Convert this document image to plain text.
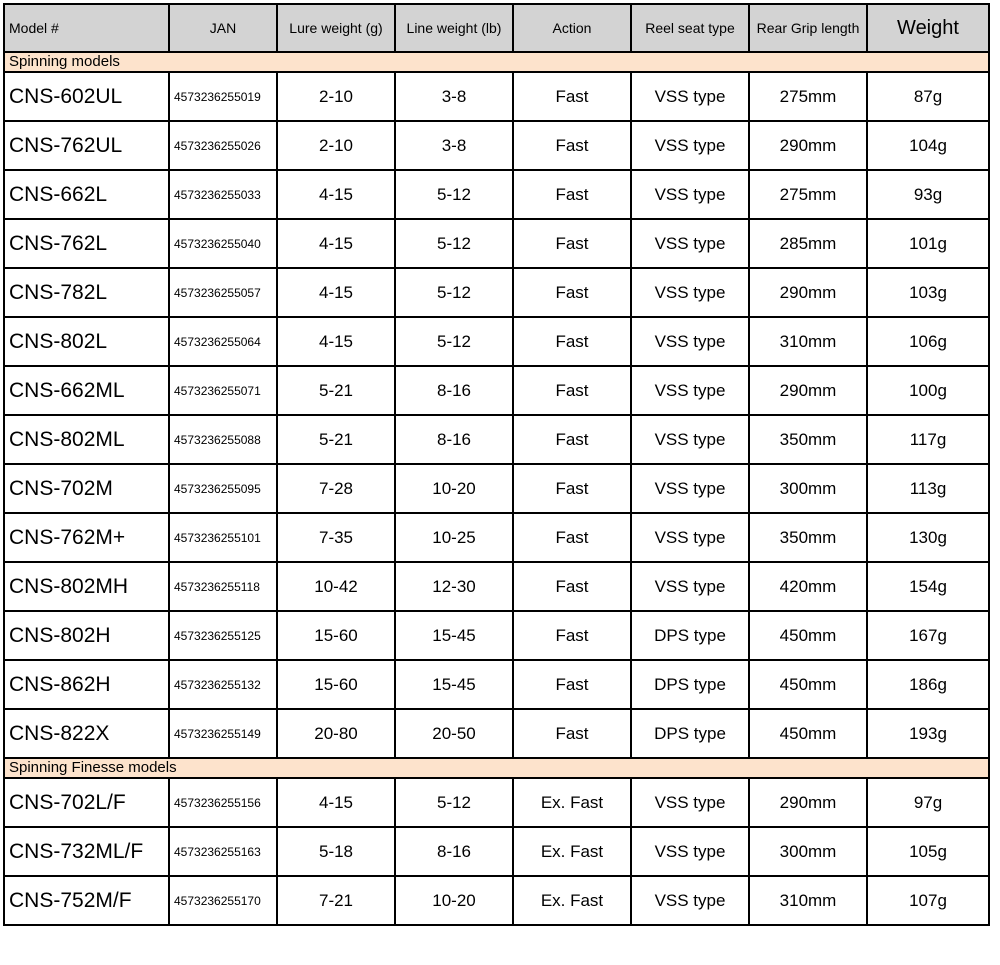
Model #	JAN	Lure weight (g)	Line weight (lb)	Action	Reel seat type	Rear Grip length	Weight
Spinning models							
CNS-602UL	4573236255019	2-10	3-8	Fast	VSS type	275mm	87g
CNS-762UL	4573236255026	2-10	3-8	Fast	VSS type	290mm	104g
CNS-662L	4573236255033	4-15	5-12	Fast	VSS type	275mm	93g
CNS-762L	4573236255040	4-15	5-12	Fast	VSS type	285mm	101g
CNS-782L	4573236255057	4-15	5-12	Fast	VSS type	290mm	103g
CNS-802L	4573236255064	4-15	5-12	Fast	VSS type	310mm	106g
CNS-662ML	4573236255071	5-21	8-16	Fast	VSS type	290mm	100g
CNS-802ML	4573236255088	5-21	8-16	Fast	VSS type	350mm	117g
CNS-702M	4573236255095	7-28	10-20	Fast	VSS type	300mm	113g
CNS-762M+	4573236255101	7-35	10-25	Fast	VSS type	350mm	130g
CNS-802MH	4573236255118	10-42	12-30	Fast	VSS type	420mm	154g
CNS-802H	4573236255125	15-60	15-45	Fast	DPS type	450mm	167g
CNS-862H	4573236255132	15-60	15-45	Fast	DPS type	450mm	186g
CNS-822X	4573236255149	20-80	20-50	Fast	DPS type	450mm	193g
Spinning Finesse models							
CNS-702L/F	4573236255156	4-15	5-12	Ex. Fast	VSS type	290mm	97g
CNS-732ML/F	4573236255163	5-18	8-16	Ex. Fast	VSS type	300mm	105g
CNS-752M/F	4573236255170	7-21	10-20	Ex. Fast	VSS type	310mm	107g
